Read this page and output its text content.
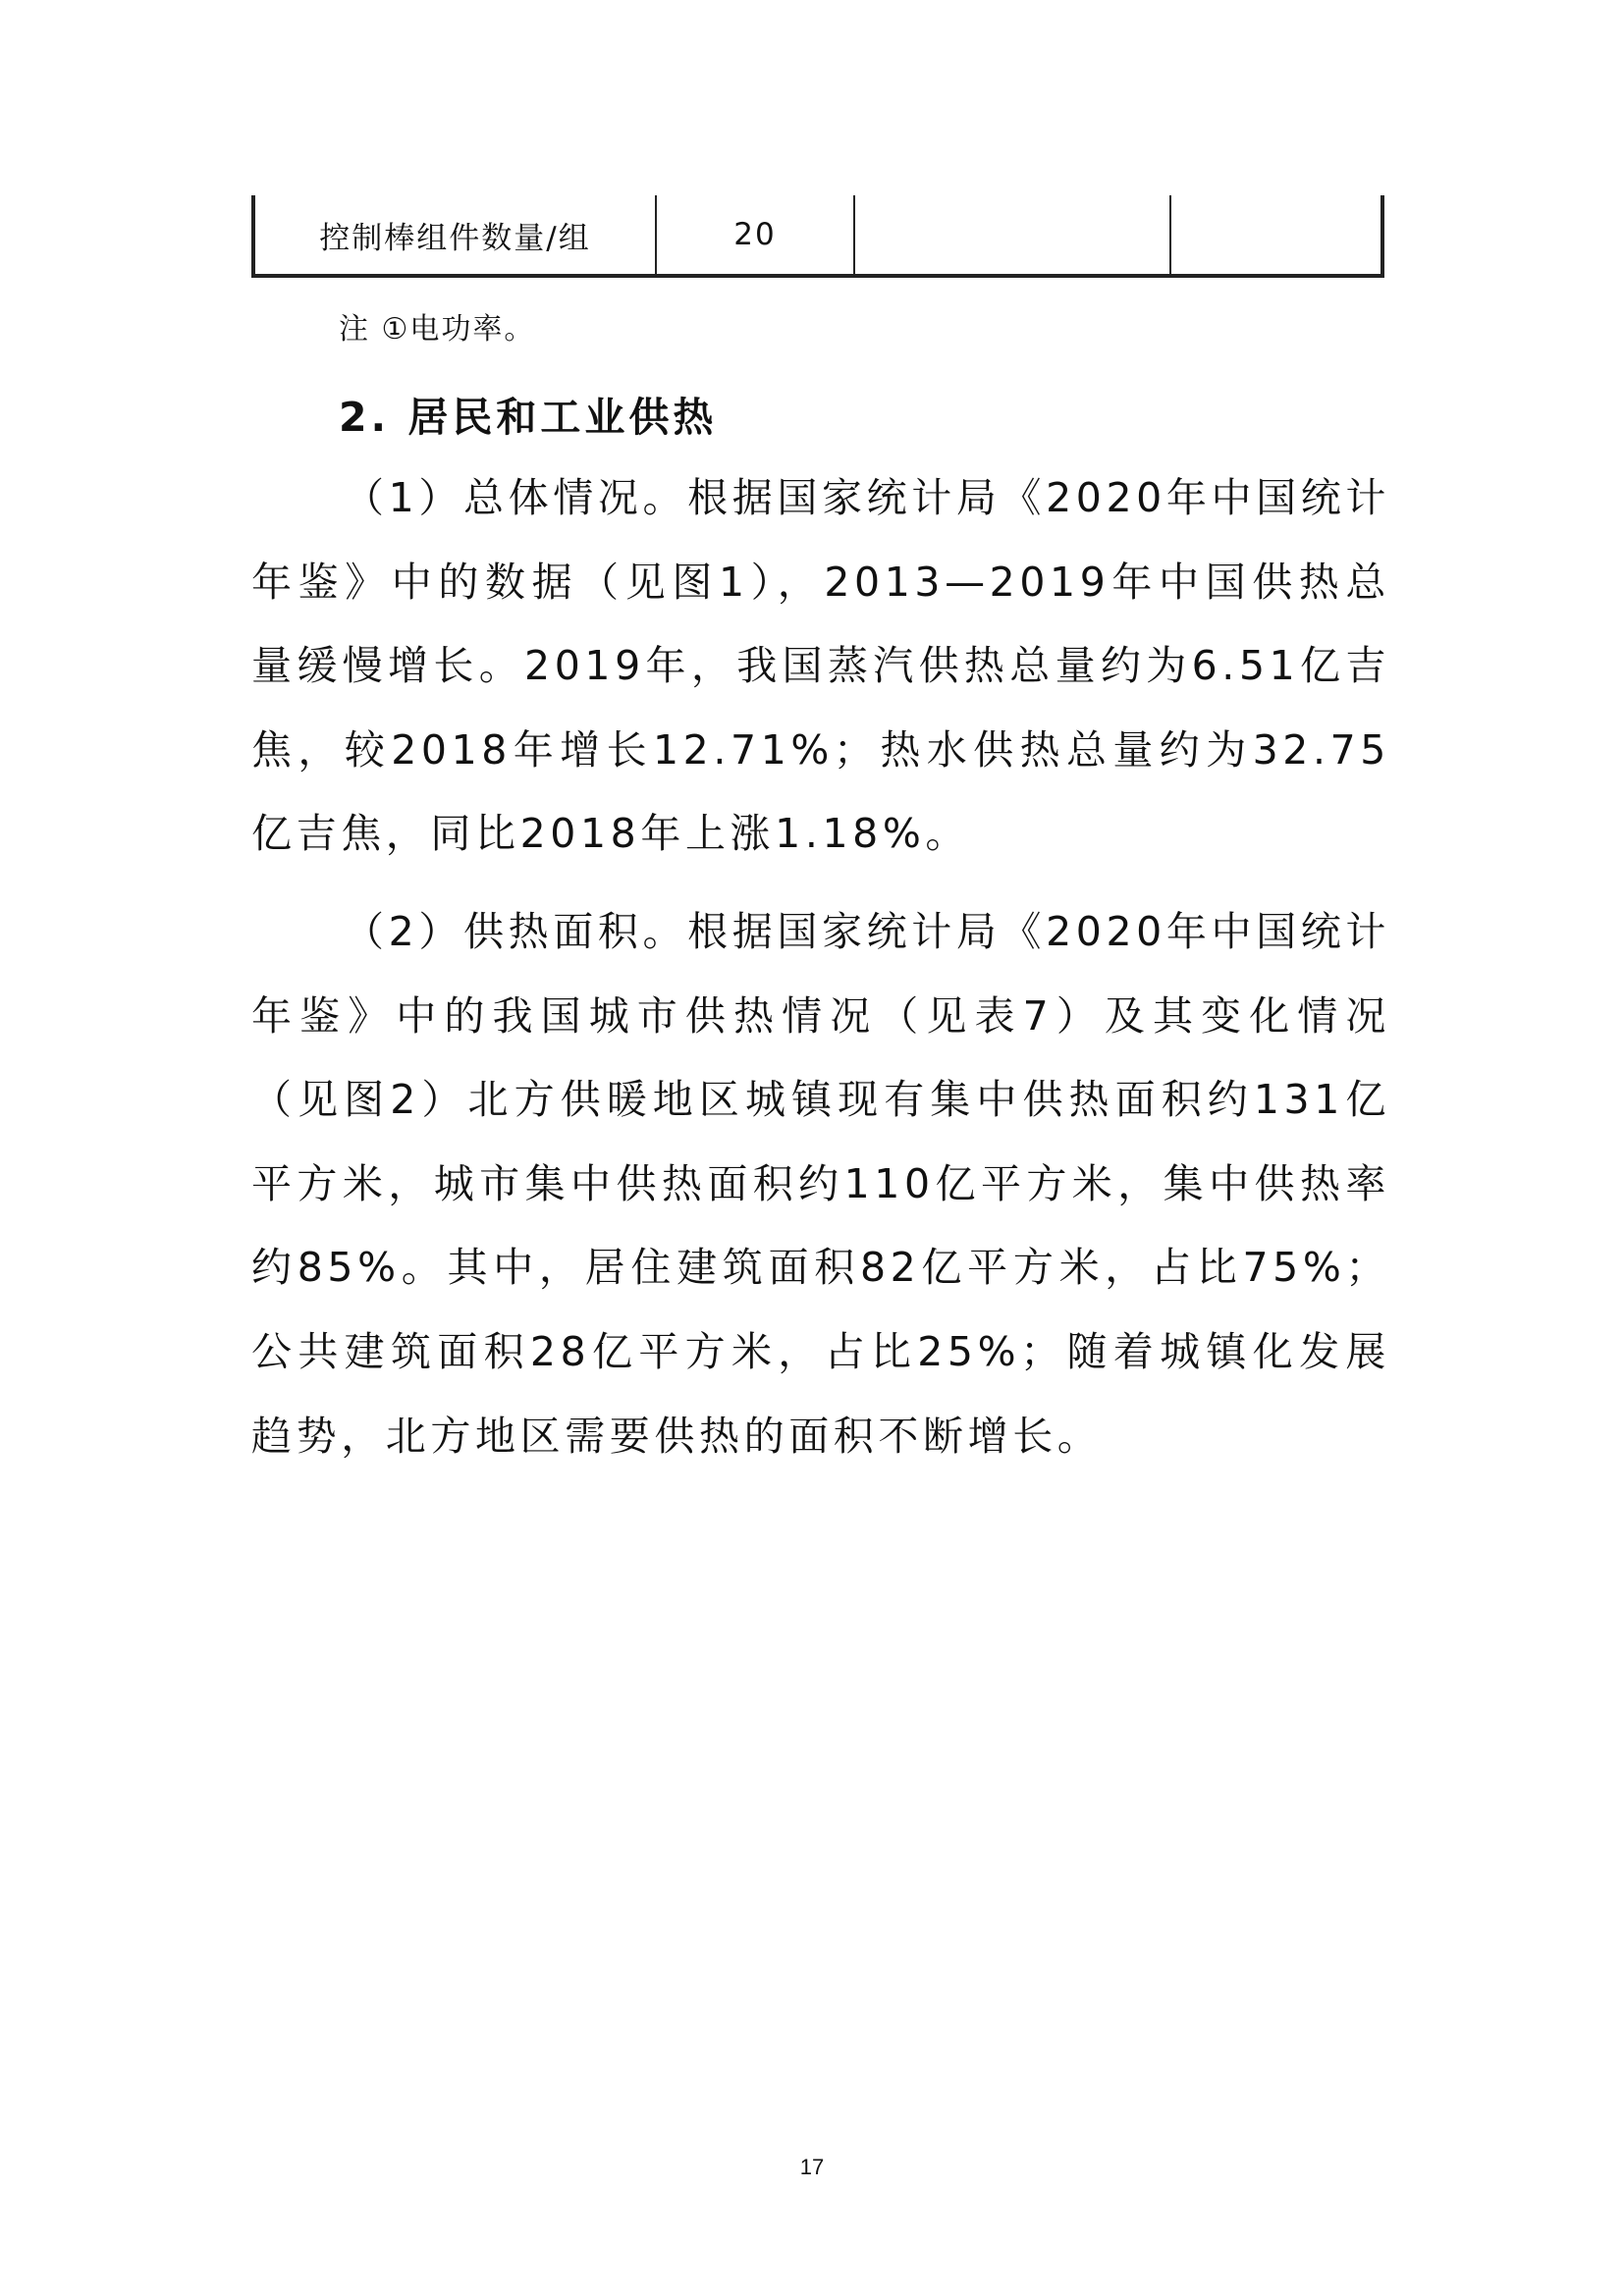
控制棒组件数量/组	20		
注 ①电功率。
2. 居民和工业供热

（1）总体情况。根据国家统计局《2020年中国统计年鉴》中的数据（见图1），2013—2019年中国供热总量缓慢增长。2019年，我国蒸汽供热总量约为6.51亿吉焦，较2018年增长12.71%；热水供热总量约为32.75亿吉焦，同比2018年上涨1.18%。

（2）供热面积。根据国家统计局《2020年中国统计年鉴》中的我国城市供热情况（见表7）及其变化情况（见图2）北方供暖地区城镇现有集中供热面积约131亿平方米，城市集中供热面积约110亿平方米，集中供热率约85%。其中，居住建筑面积82亿平方米，占比75%；公共建筑面积28亿平方米，占比25%；随着城镇化发展趋势，北方地区需要供热的面积不断增长。

17
